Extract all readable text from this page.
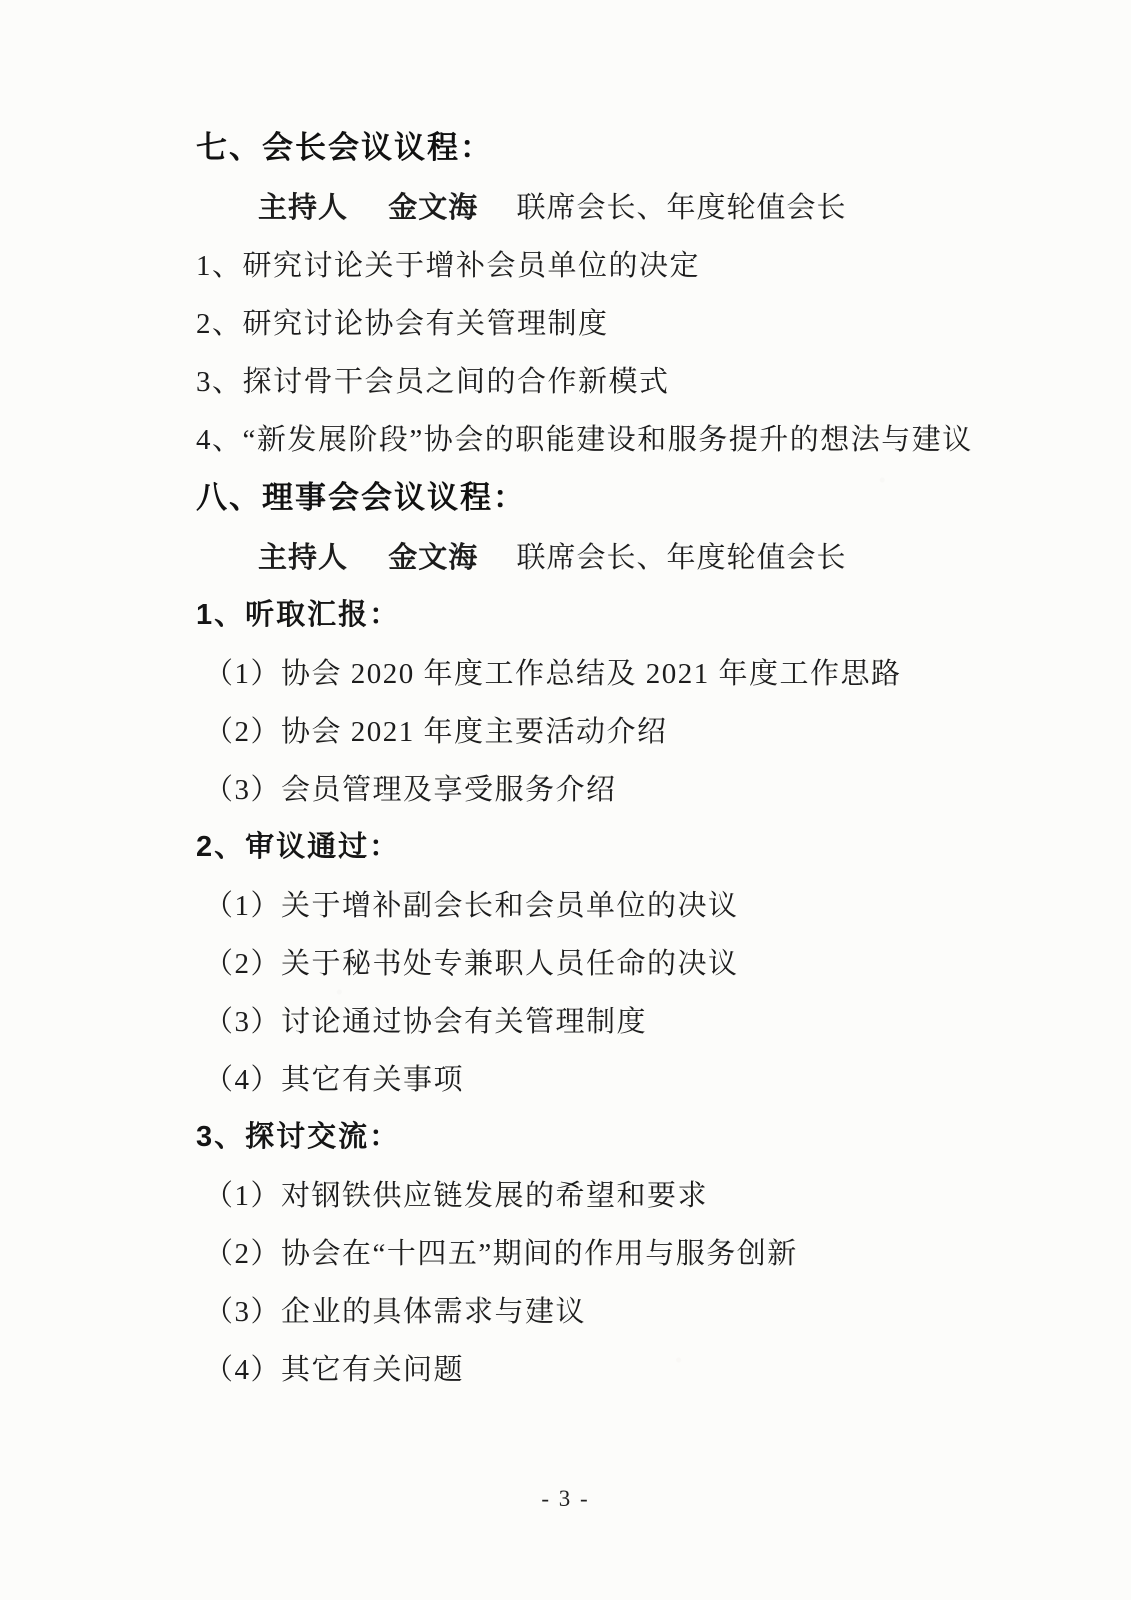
七、会长会议议程：

主持人 金文海 联席会长、年度轮值会长

1、研究讨论关于增补会员单位的决定

2、研究讨论协会有关管理制度

3、探讨骨干会员之间的合作新模式

4、“新发展阶段”协会的职能建设和服务提升的想法与建议

八、理事会会议议程：

主持人 金文海 联席会长、年度轮值会长

1、听取汇报：

（1）协会 2020 年度工作总结及 2021 年度工作思路

（2）协会 2021 年度主要活动介绍

（3）会员管理及享受服务介绍

2、审议通过：

（1）关于增补副会长和会员单位的决议

（2）关于秘书处专兼职人员任命的决议

（3）讨论通过协会有关管理制度

（4）其它有关事项

3、探讨交流：

（1）对钢铁供应链发展的希望和要求

（2）协会在“十四五”期间的作用与服务创新

（3）企业的具体需求与建议

（4）其它有关问题

- 3 -
